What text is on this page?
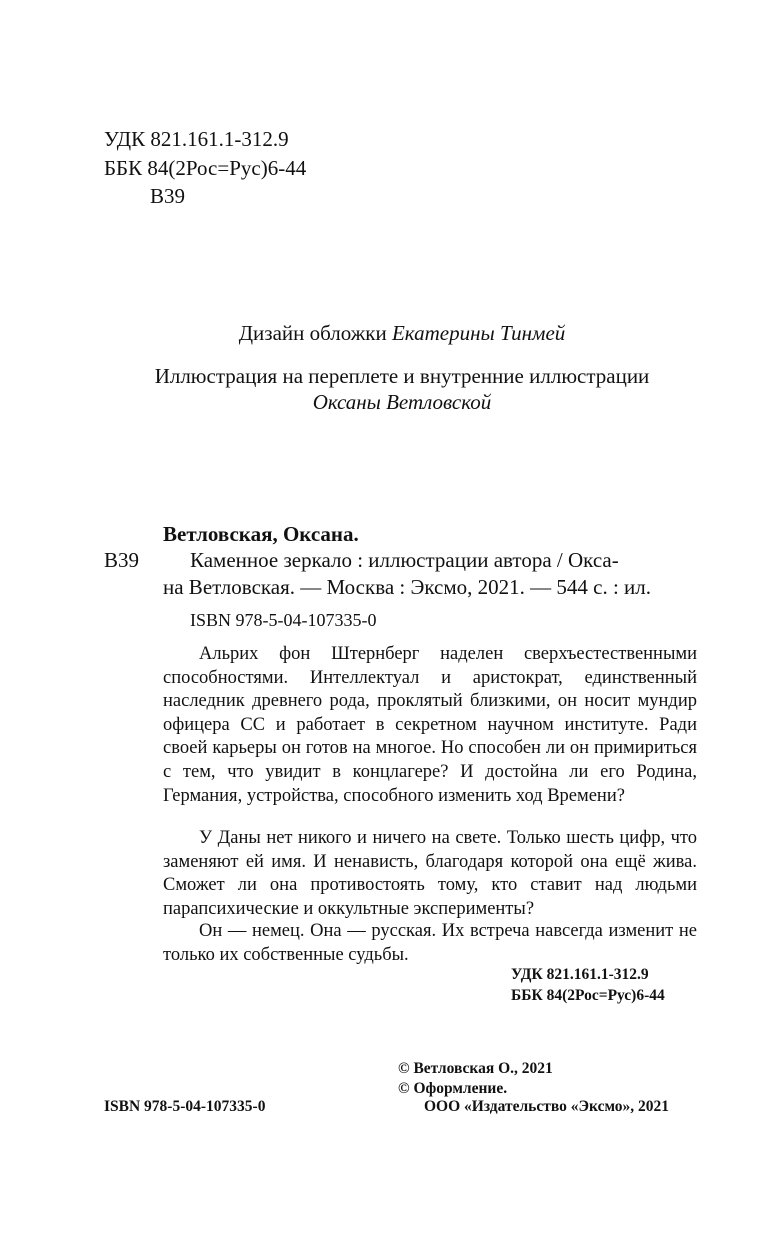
УДК 821.161.1-312.9
ББК 84(2Рос=Рус)6-44
В39
Дизайн обложки Екатерины Тинмей
Иллюстрация на переплете и внутренние иллюстрации
Оксаны Ветловской
Ветловская, Оксана.
В39 Каменное зеркало : иллюстрации автора / Окса-
на Ветловская. — Москва : Эксмо, 2021. — 544 с. : ил.
ISBN 978-5-04-107335-0

Альрих фон Штернберг наделен сверхъестественными способностями. Интеллектуал и аристократ, единственный наследник древнего рода, проклятый близкими, он носит мундир офицера СС и работает в секретном научном институте. Ради своей карьеры он готов на многое. Но способен ли он примириться с тем, что увидит в концлагере? И достойна ли его Родина, Германия, устройства, способного изменить ход Времени?

У Даны нет никого и ничего на свете. Только шесть цифр, что заменяют ей имя. И ненависть, благодаря которой она ещё жива. Сможет ли она противостоять тому, кто ставит над людьми парапсихические и оккультные эксперименты?

Он — немец. Она — русская. Их встреча навсегда изменит не только их собственные судьбы.

УДК 821.161.1-312.9
ББК 84(2Рос=Рус)6-44
© Ветловская О., 2021
© Оформление.
ISBN 978-5-04-107335-0	ООО «Издательство «Эксмо», 2021
